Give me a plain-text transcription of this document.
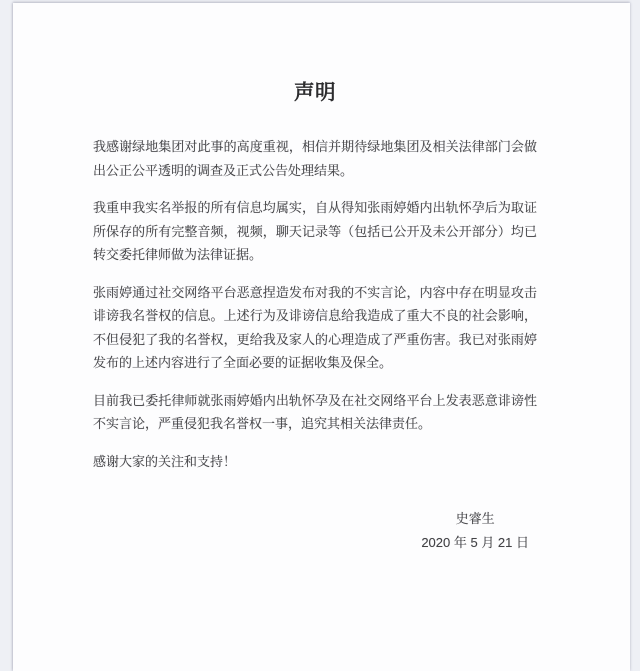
声明

我感谢绿地集团对此事的高度重视，相信并期待绿地集团及相关法律部门会做出公正公平透明的调查及正式公告处理结果。

我重申我实名举报的所有信息均属实，自从得知张雨婷婚内出轨怀孕后为取证所保存的所有完整音频，视频，聊天记录等（包括已公开及未公开部分）均已转交委托律师做为法律证据。

张雨婷通过社交网络平台恶意捏造发布对我的不实言论，内容中存在明显攻击诽谤我名誉权的信息。上述行为及诽谤信息给我造成了重大不良的社会影响，不但侵犯了我的名誉权，更给我及家人的心理造成了严重伤害。我已对张雨婷发布的上述内容进行了全面必要的证据收集及保全。

目前我已委托律师就张雨婷婚内出轨怀孕及在社交网络平台上发表恶意诽谤性不实言论，严重侵犯我名誉权一事，追究其相关法律责任。

感谢大家的关注和支持！

史睿生
2020 年 5 月 21 日
